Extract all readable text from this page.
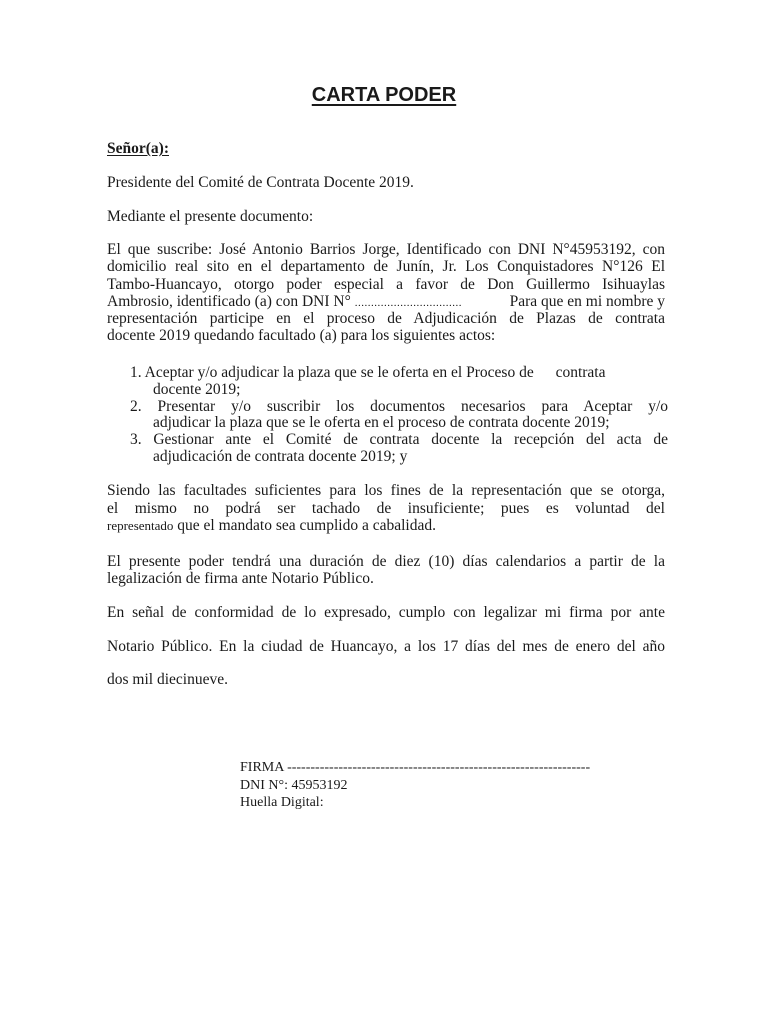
CARTA PODER
Señor(a):
Presidente del Comité de Contrata Docente 2019.
Mediante el presente documento:
El que suscribe: José Antonio Barrios Jorge, Identificado con DNI N°45953192, con
domicilio real sito en el departamento de Junín, Jr. Los Conquistadores N°126 El
Tambo-Huancayo, otorgo poder especial a favor de Don Guillermo Isihuaylas
Ambrosio, identificado (a) con DNI N° .................................	Para que en mi nombre y
representación participe en el proceso de Adjudicación de Plazas de contrata
docente 2019 quedando facultado (a) para los siguientes actos:
1. Aceptar y/o adjudicar la plaza que se le oferta en el Proceso de contrata
docente 2019;
2. Presentar y/o suscribir los documentos necesarios para Aceptar y/o
adjudicar la plaza que se le oferta en el proceso de contrata docente 2019;
3. Gestionar ante el Comité de contrata docente la recepción del acta de
adjudicación de contrata docente 2019; y
Siendo las facultades suficientes para los fines de la representación que se otorga,
el mismo no podrá ser tachado de insuficiente; pues es voluntad del
representado que el mandato sea cumplido a cabalidad.
El presente poder tendrá una duración de diez (10) días calendarios a partir de la
legalización de firma ante Notario Público.
En señal de conformidad de lo expresado, cumplo con legalizar mi firma por ante
Notario Público. En la ciudad de Huancayo, a los 17 días del mes de enero del año
dos mil diecinueve.
FIRMA -----------------------------------------------------------------
DNI N°: 45953192
Huella Digital:
